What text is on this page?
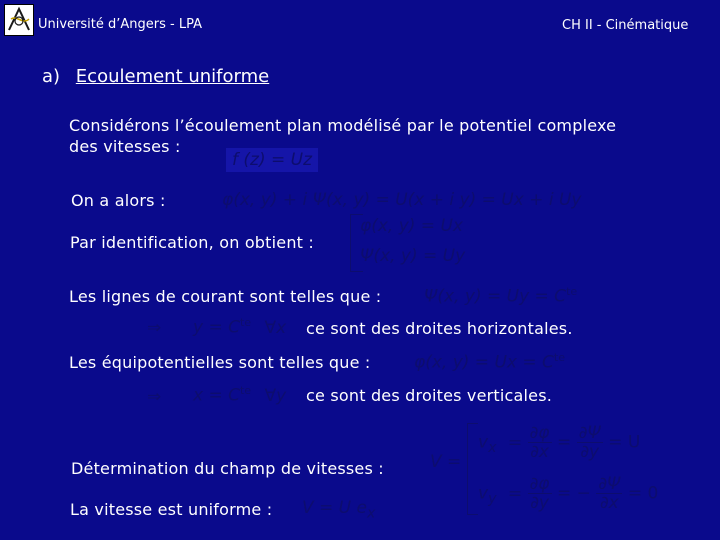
Université d’Angers - LPA	CH II - Cinématique
a) Ecoulement uniforme
Considérons l’écoulement plan modélisé par le potentiel complexe
des vitesses :
f (z) = Uz
On a alors :	φ(x, y) + i Ψ(x, y) = U(x + i y) = Ux + i Uy
Par identification, on obtient :
φ(x, y) = Ux
Ψ(x, y) = Uy
Les lignes de courant sont telles que :	Ψ(x, $y) = Uy = C^{te}$
⇒ $y = C^{te}$ ∀x ce sont des droites horizontales.
Les équipotentielles sont telles que :	φ(x, $y) = Ux = C^{te}$
⇒ $x = C^{te}$ ∀y ce sont des droites verticales.
Détermination du champ de vitesses :	V =
$v_x = \frac{\partial\varphi}{\partial x} = \frac{\partial\Psi}{\partial y} = U$
$v_y = \frac{\partial\varphi}{\partial y}$ = − $\frac{\partial\Psi}{\partial x} = 0$
La vitesse est uniforme : V = U $e_x$
